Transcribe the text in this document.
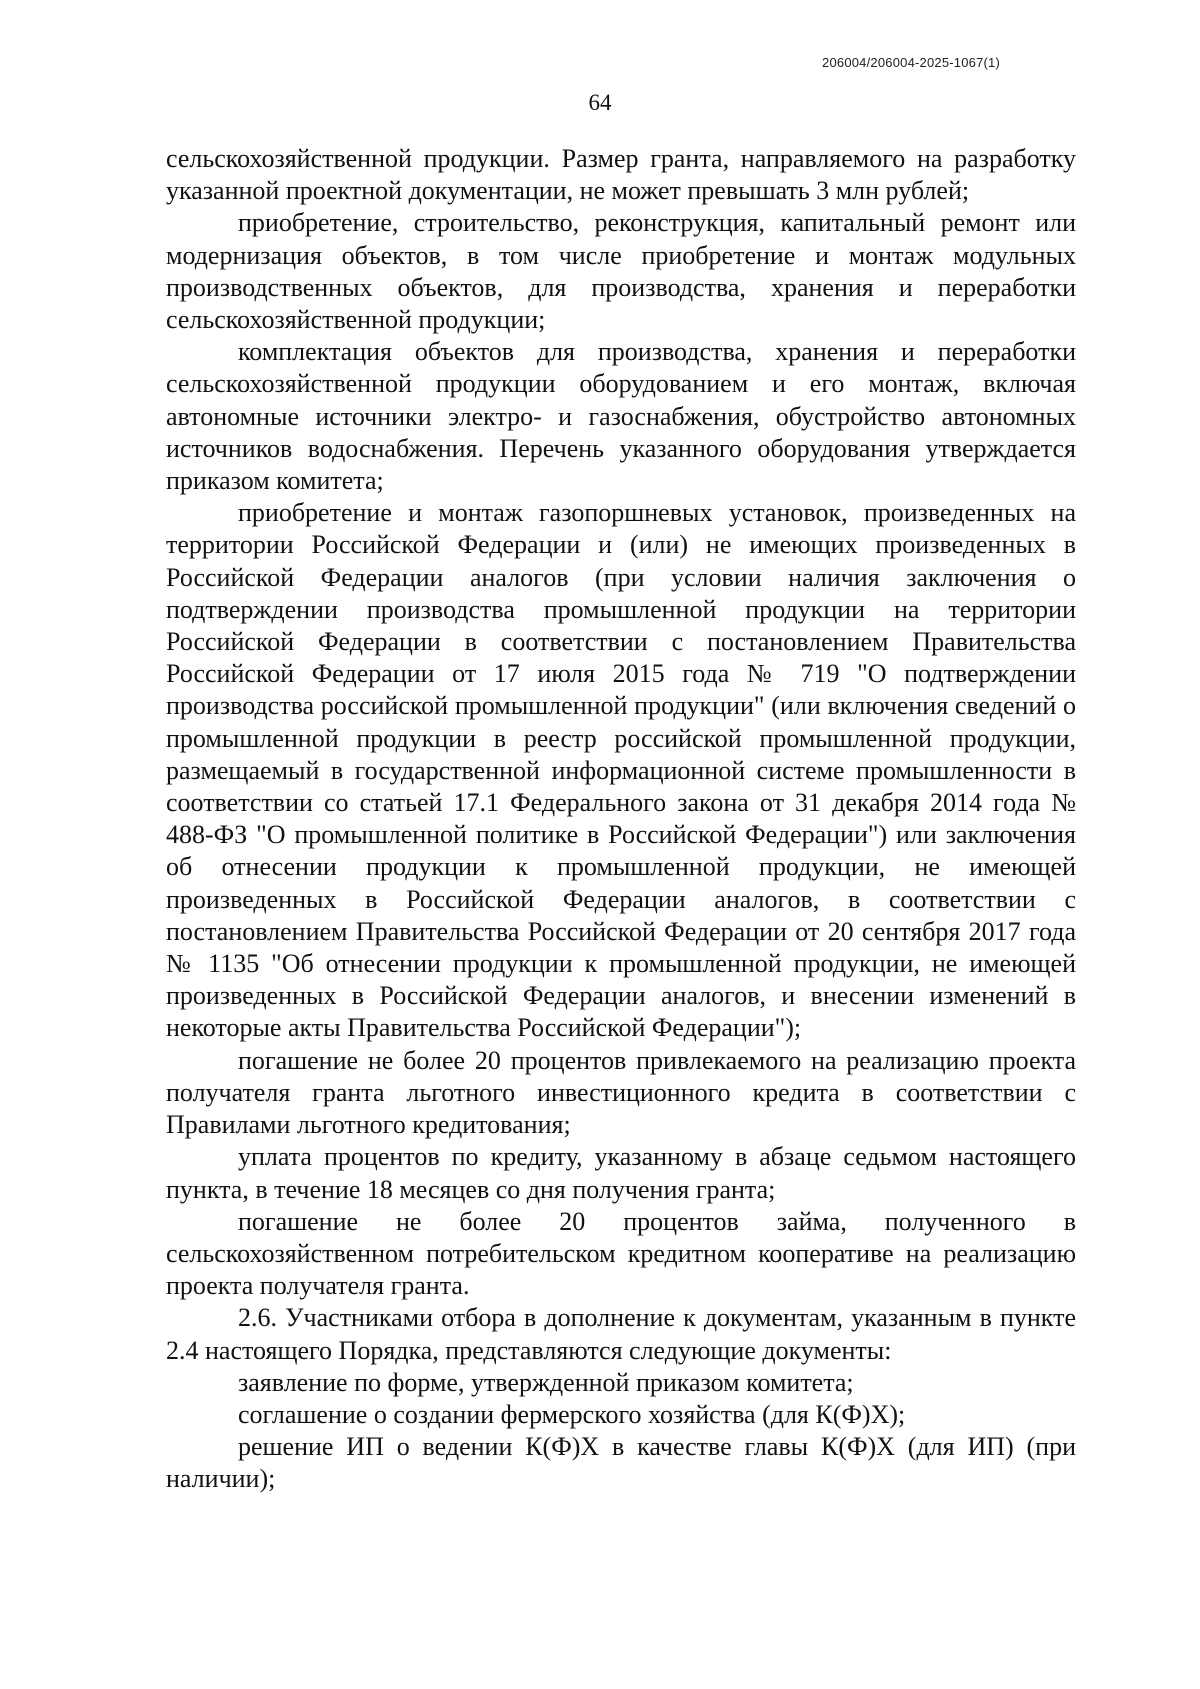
206004/206004-2025-1067(1)
64

сельскохозяйственной продукции. Размер гранта, направляемого на разработку указанной проектной документации, не может превышать 3 млн рублей;

приобретение, строительство, реконструкция, капитальный ремонт или модернизация объектов, в том числе приобретение и монтаж модульных производственных объектов, для производства, хранения и переработки сельскохозяйственной продукции;

комплектация объектов для производства, хранения и переработки сельскохозяйственной продукции оборудованием и его монтаж, включая автономные источники электро- и газоснабжения, обустройство автономных источников водоснабжения. Перечень указанного оборудования утверждается приказом комитета;

приобретение и монтаж газопоршневых установок, произведенных на территории Российской Федерации и (или) не имеющих произведенных в Российской Федерации аналогов (при условии наличия заключения о подтверждении производства промышленной продукции на территории Российской Федерации в соответствии с постановлением Правительства Российской Федерации от 17 июля 2015 года № 719 "О подтверждении производства российской промышленной продукции" (или включения сведений о промышленной продукции в реестр российской промышленной продукции, размещаемый в государственной информационной системе промышленности в соответствии со статьей 17.1 Федерального закона от 31 декабря 2014 года № 488-ФЗ "О промышленной политике в Российской Федерации") или заключения об отнесении продукции к промышленной продукции, не имеющей произведенных в Российской Федерации аналогов, в соответствии с постановлением Правительства Российской Федерации от 20 сентября 2017 года № 1135 "Об отнесении продукции к промышленной продукции, не имеющей произведенных в Российской Федерации аналогов, и внесении изменений в некоторые акты Правительства Российской Федерации");

погашение не более 20 процентов привлекаемого на реализацию проекта получателя гранта льготного инвестиционного кредита в соответствии с Правилами льготного кредитования;

уплата процентов по кредиту, указанному в абзаце седьмом настоящего пункта, в течение 18 месяцев со дня получения гранта;

погашение не более 20 процентов займа, полученного в сельскохозяйственном потребительском кредитном кооперативе на реализацию проекта получателя гранта.

2.6. Участниками отбора в дополнение к документам, указанным в пункте 2.4 настоящего Порядка, представляются следующие документы:

заявление по форме, утвержденной приказом комитета;

соглашение о создании фермерского хозяйства (для К(Ф)Х);

решение ИП о ведении К(Ф)Х в качестве главы К(Ф)Х (для ИП) (при наличии);
